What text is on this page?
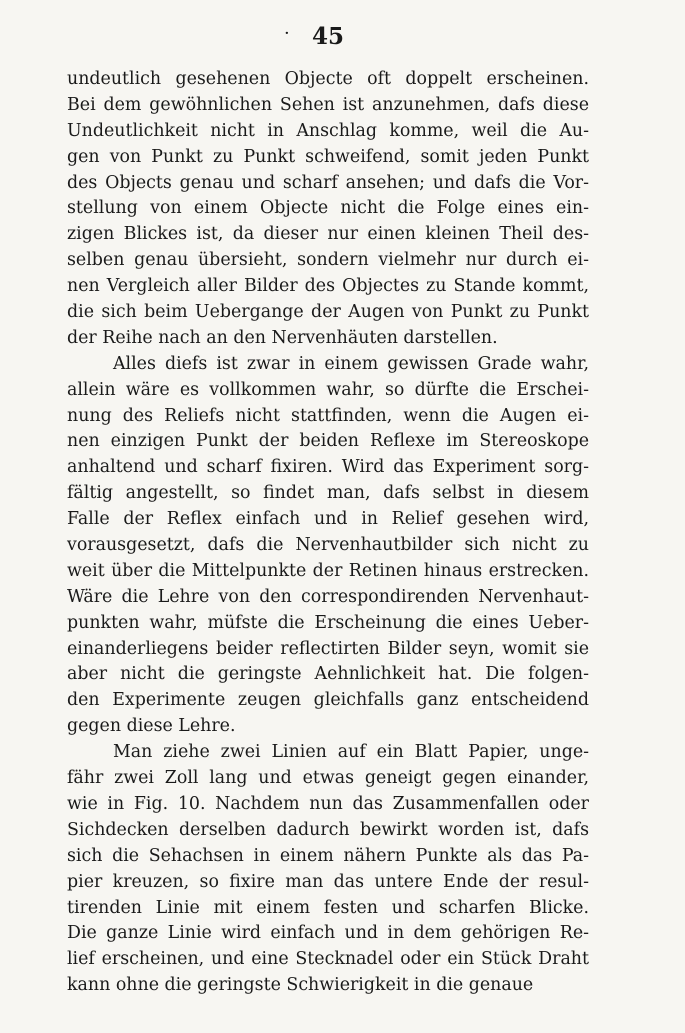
· 45
undeutlich gesehenen Objecte oft doppelt erscheinen.
Bei dem gewöhnlichen Sehen ist anzunehmen, dafs diese
Undeutlichkeit nicht in Anschlag komme, weil die Au-
gen von Punkt zu Punkt schweifend, somit jeden Punkt
des Objects genau und scharf ansehen; und dafs die Vor-
stellung von einem Objecte nicht die Folge eines ein-
zigen Blickes ist, da dieser nur einen kleinen Theil des-
selben genau übersieht, sondern vielmehr nur durch ei-
nen Vergleich aller Bilder des Objectes zu Stande kommt,
die sich beim Uebergange der Augen von Punkt zu Punkt
der Reihe nach an den Nervenhäuten darstellen.
Alles diefs ist zwar in einem gewissen Grade wahr,
allein wäre es vollkommen wahr, so dürfte die Erschei-
nung des Reliefs nicht stattfinden, wenn die Augen ei-
nen einzigen Punkt der beiden Reflexe im Stereoskope
anhaltend und scharf fixiren. Wird das Experiment sorg-
fältig angestellt, so findet man, dafs selbst in diesem
Falle der Reflex einfach und in Relief gesehen wird,
vorausgesetzt, dafs die Nervenhautbilder sich nicht zu
weit über die Mittelpunkte der Retinen hinaus erstrecken.
Wäre die Lehre von den correspondirenden Nervenhaut-
punkten wahr, müfste die Erscheinung die eines Ueber-
einanderliegens beider reflectirten Bilder seyn, womit sie
aber nicht die geringste Aehnlichkeit hat. Die folgen-
den Experimente zeugen gleichfalls ganz entscheidend
gegen diese Lehre.
Man ziehe zwei Linien auf ein Blatt Papier, unge-
fähr zwei Zoll lang und etwas geneigt gegen einander,
wie in Fig. 10. Nachdem nun das Zusammenfallen oder
Sichdecken derselben dadurch bewirkt worden ist, dafs
sich die Sehachsen in einem nähern Punkte als das Pa-
pier kreuzen, so fixire man das untere Ende der resul-
tirenden Linie mit einem festen und scharfen Blicke.
Die ganze Linie wird einfach und in dem gehörigen Re-
lief erscheinen, und eine Stecknadel oder ein Stück Draht
kann ohne die geringste Schwierigkeit in die genaue
